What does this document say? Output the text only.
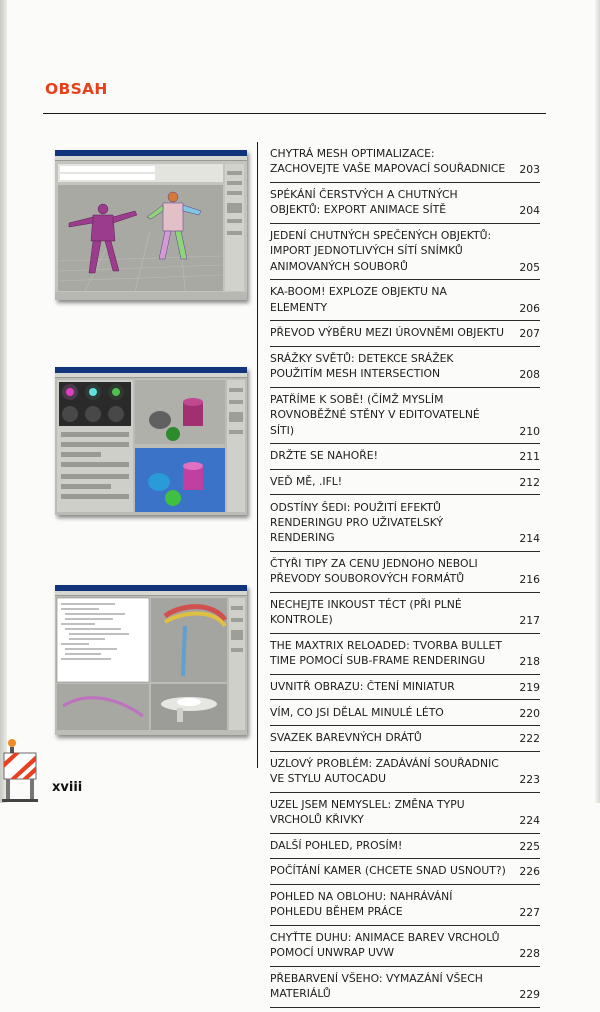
OBSAH
CHYTRÁ MESH OPTIMALIZACE: ZACHOVEJTE VAŠE MAPOVACÍ SOUŘADNICE 203
SPÉKÁNÍ ČERSTVÝCH A CHUTNÝCH OBJEKTŮ: EXPORT ANIMACE SÍTĚ	204
JEDENÍ CHUTNÝCH SPEČENÝCH OBJEKTŮ: IMPORT JEDNOTLIVÝCH SÍTÍ SNÍMKŮ ANIMOVANÝCH SOUBORŮ	205
KA-BOOM! EXPLOZE OBJEKTU NA ELEMENTY	206
PŘEVOD VÝBĚRU MEZI ÚROVNĚMI OBJEKTU 207
SRÁŽKY SVĚTŮ: DETEKCE SRÁŽEK POUŽITÍM MESH INTERSECTION	208
PATŘÍME K SOBĚ! (ČÍMŽ MYSLÍM ROVNOBĚŽNÉ STĚNY V EDITOVATELNÉ SÍTI)	210
DRŽTE SE NAHOŘE!	211
VEĎ MĚ, .IFL!	212
ODSTÍNY ŠEDI: POUŽITÍ EFEKTŮ RENDERINGU PRO UŽIVATELSKÝ RENDERING	214
ČTYŘI TIPY ZA CENU JEDNOHO NEBOLI PŘEVODY SOUBOROVÝCH FORMÁTŮ	216
NECHEJTE INKOUST TÉCT (PŘI PLNÉ KONTROLE)	217
THE MAXTRIX RELOADED: TVORBA BULLET TIME POMOCÍ SUB-FRAME RENDERINGU	218
UVNITŘ OBRAZU: ČTENÍ MINIATUR	219
VÍM, CO JSI DĚLAL MINULÉ LÉTO	220
SVAZEK BAREVNÝCH DRÁTŮ	222
UZLOVÝ PROBLÉM: ZADÁVÁNÍ SOUŘADNIC VE STYLU AUTOCADU	223
UZEL JSEM NEMYSLEL: ZMĚNA TYPU VRCHOLŮ KŘIVKY	224
DALŠÍ POHLED, PROSÍM!	225
POČÍTÁNÍ KAMER (CHCETE SNAD USNOUT?) 226
POHLED NA OBLOHU: NAHRÁVÁNÍ POHLEDU BĚHEM PRÁCE	227
CHYŤTE DUHU: ANIMACE BAREV VRCHOLŮ POMOCÍ UNWRAP UVW	228
PŘEBARVENÍ VŠEHO: VYMAZÁNÍ VŠECH MATERIÁLŮ	229
xviii
